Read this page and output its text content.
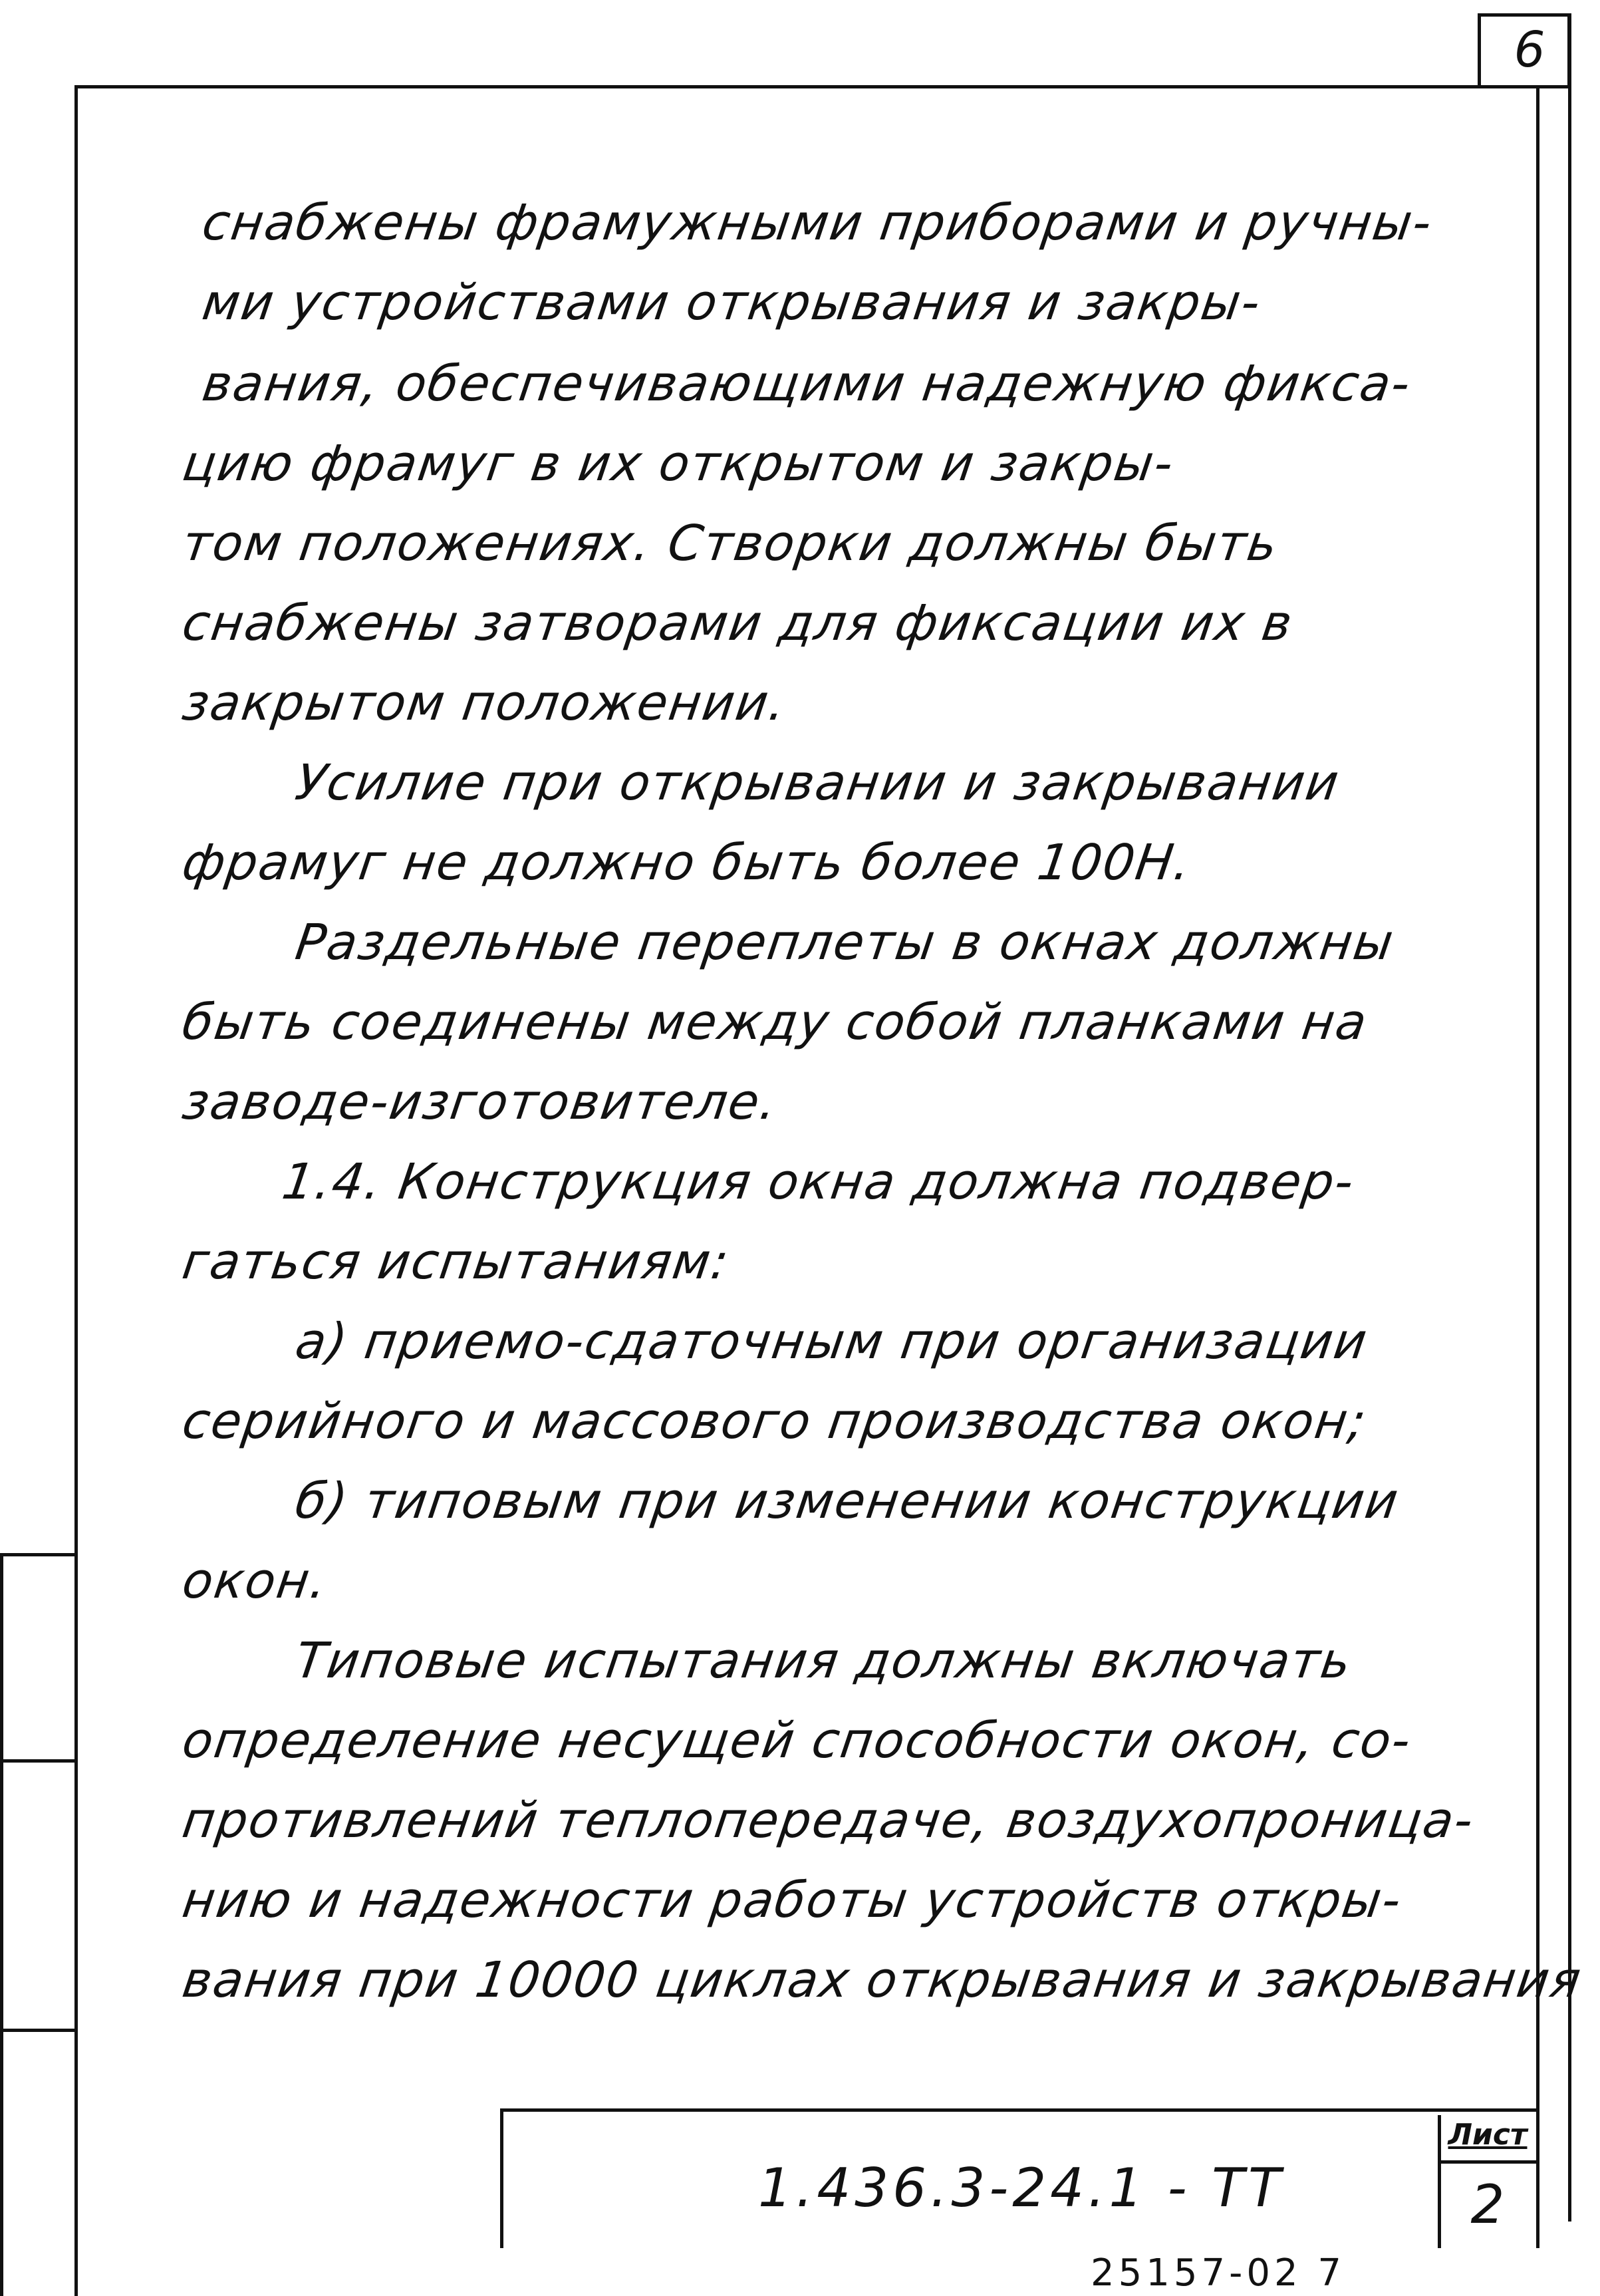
6
снабжены фрамужными приборами и ручны-
ми устройствами открывания и закры-
вания, обеспечивающими надежную фикса-
цию фрамуг в их открытом и закры-
том положениях. Створки должны быть
снабжены затворами для фиксации их в
закрытом положении.
Усилие при открывании и закрывании
фрамуг не должно быть более 100Н.
Раздельные переплеты в окнах должны
быть соединены между собой планками на
заводе-изготовителе.
1.4. Конструкция окна должна подвер-
гаться испытаниям:
а) приемо-сдаточным при организации
серийного и массового производства окон;
б) типовым при изменении конструкции
окон.
Типовые испытания должны включать
определение несущей способности окон, со-
противлений теплопередаче, воздухопроница-
нию и надежности работы устройств откры-
вания при 10000 циклах открывания и закрывания
1.436.3-24.1 - ТТ
Лист
2
25157-02 7
